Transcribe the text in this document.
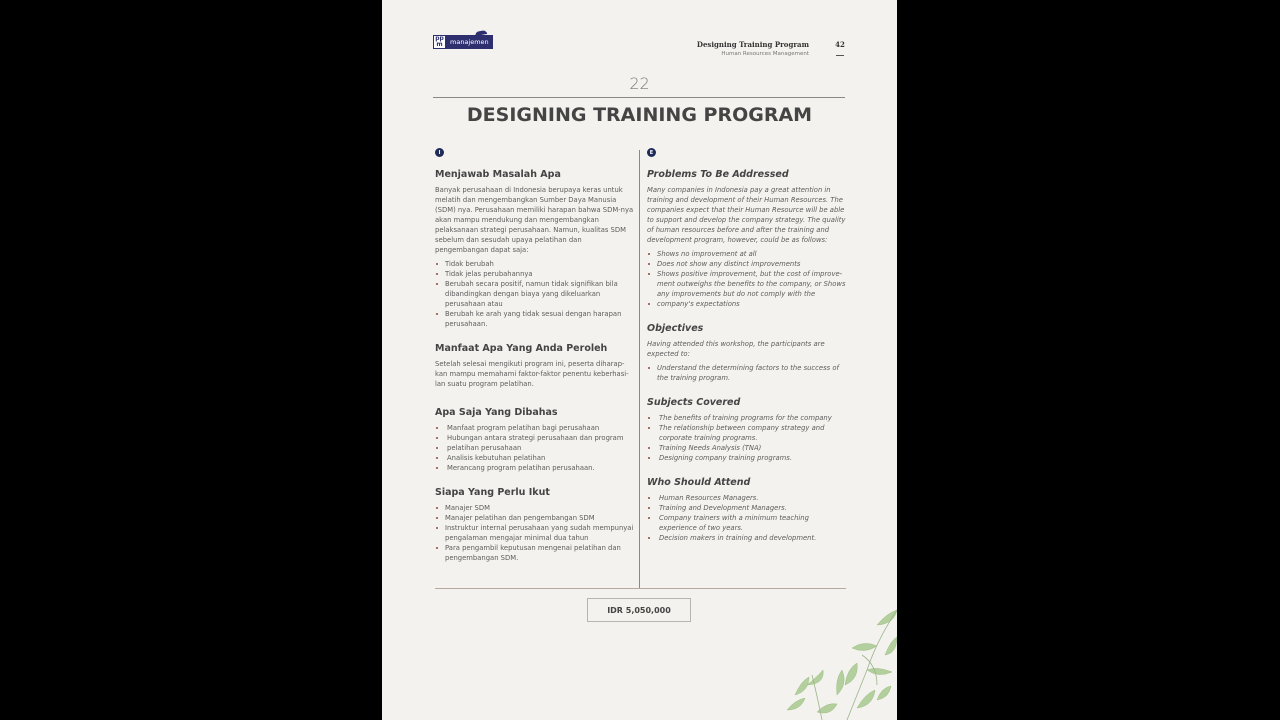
pp
m	manajemen	Designing Training Program
Human Resources Management
42
22
DESIGNING TRAINING PROGRAM
I
Menjawab Masalah Apa

Banyak perusahaan di Indonesia berupaya keras untuk melatih dan mengembangkan Sumber Daya Manusia (SDM) nya. Perusahaan memiliki harapan bahwa SDM-nya akan mampu mendukung dan mengembangkan pelaksanaan strategi perusahaan. Namun, kualitas SDM sebelum dan sesudah upaya pelatihan dan pengembangan dapat saja:

Tidak berubah
Tidak jelas perubahannya
Berubah secara positif, namun tidak signifikan bila dibandingkan dengan biaya yang dikeluarkan perusahaan atau
Berubah ke arah yang tidak sesuai dengan harapan perusahaan.
Manfaat Apa Yang Anda Peroleh

Setelah selesai mengikuti program ini, peserta diharap-kan mampu memahami faktor-faktor penentu keberhasi-lan suatu program pelatihan.

Apa Saja Yang Dibahas
Manfaat program pelatihan bagi perusahaan
Hubungan antara strategi perusahaan dan program
pelatihan perusahaan
Analisis kebutuhan pelatihan
Merancang program pelatihan perusahaan.
Siapa Yang Perlu Ikut
Manajer SDM
Manajer pelatihan dan pengembangan SDM
Instruktur internal perusahaan yang sudah mempunyai pengalaman mengajar minimal dua tahun
Para pengambil keputusan mengenai pelatihan dan pengembangan SDM.
E
Problems To Be Addressed

Many companies in Indonesia pay a great attention in training and development of their Human Resources. The companies expect that their Human Resource will be able to support and develop the company strategy. The quality of human resources before and after the training and development program, however, could be as follows:

Shows no improvement at all
Does not show any distinct improvements
Shows positive improvement, but the cost of improve-ment outweighs the benefits to the company, or Shows any improvements but do not comply with the
company's expectations
Objectives

Having attended this workshop, the participants are expected to:

Understand the determining factors to the success of the training program.
Subjects Covered
The benefits of training programs for the company
The relationship between company strategy and corporate training programs.
Training Needs Analysis (TNA)
Designing company training programs.
Who Should Attend
Human Resources Managers.
Training and Development Managers.
Company trainers with a minimum teaching experience of two years.
Decision makers in training and development.
IDR 5,050,000
